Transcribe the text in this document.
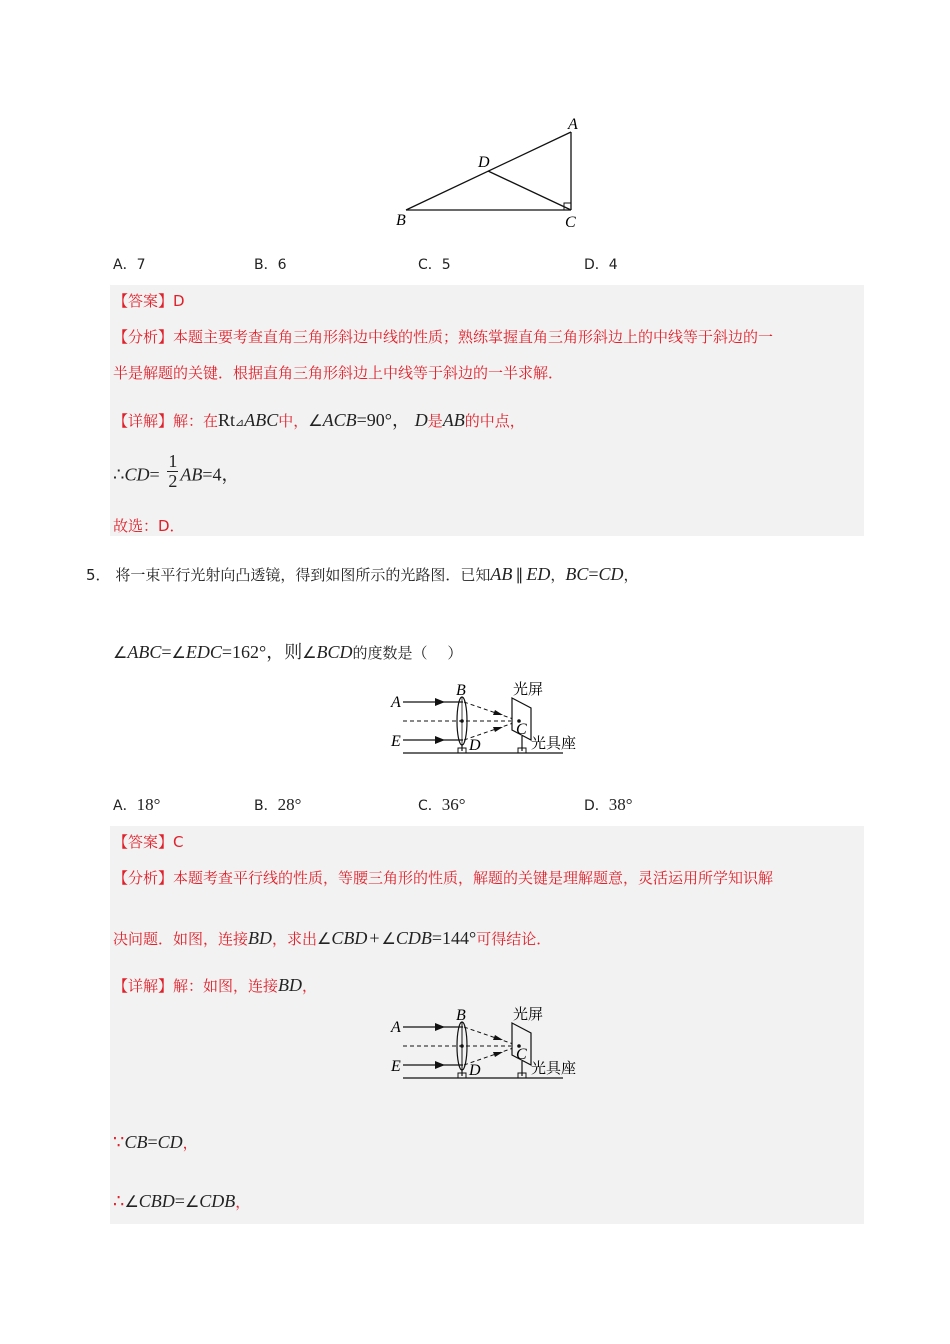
A
D
B	C
A．7	B．6	C．5	D．4
【答案】D
【分析】本题主要考查直角三角形斜边中线的性质；熟练掌握直角三角形斜边上的中线等于斜边的一
半是解题的关键．根据直角三角形斜边上中线等于斜边的一半求解．
【详解】解：在Rt⊿ABC中，∠ACB=90°， D是AB的中点，
∴CD= $\frac{1}{2} AB=4$，
故选：D．
5． 将一束平行光射向凸透镜，得到如图所示的光路图．已知AB ∥ ED，BC=CD，
∠ABC=∠EDC=162°，则∠BCD的度数是（　 ）
A
B
E	D
C
光屏
光具座
A．18°	B．28°	C．36°	D．38°
【答案】C
【分析】本题考查平行线的性质，等腰三角形的性质，解题的关键是理解题意，灵活运用所学知识解
决问题．如图，连接BD，求出∠CBD + ∠CDB=144°可得结论．
【详解】解：如图，连接BD，
A
B
E	D
C
光屏
光具座
∵CB=CD，
∴∠CBD=∠CDB，
